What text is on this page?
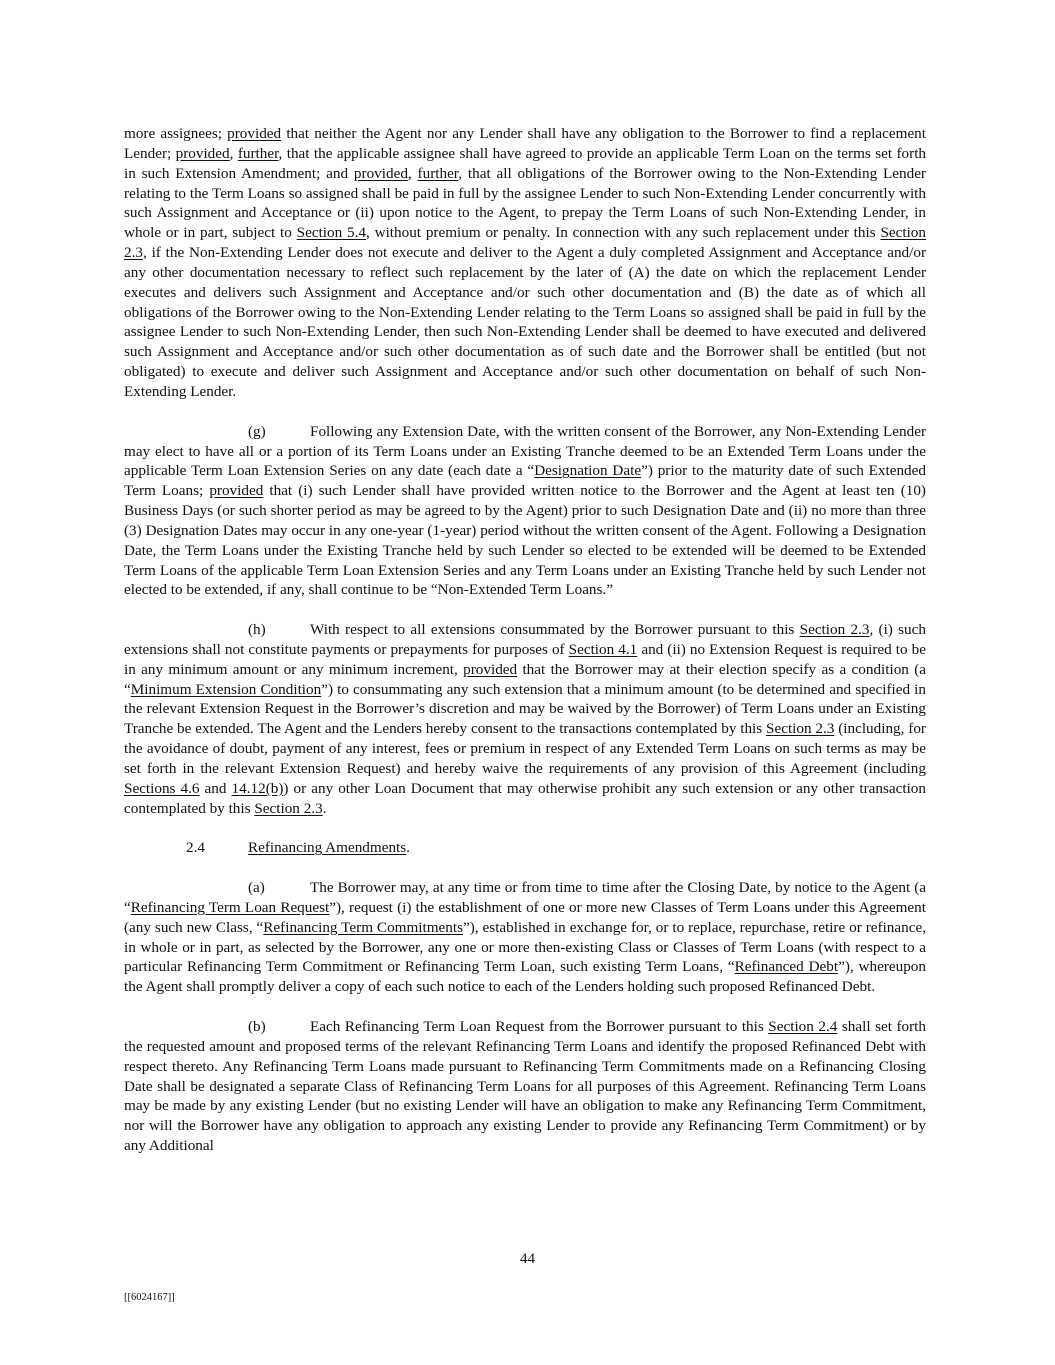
more assignees; provided that neither the Agent nor any Lender shall have any obligation to the Borrower to find a replacement Lender; provided, further, that the applicable assignee shall have agreed to provide an applicable Term Loan on the terms set forth in such Extension Amendment; and provided, further, that all obligations of the Borrower owing to the Non-Extending Lender relating to the Term Loans so assigned shall be paid in full by the assignee Lender to such Non-Extending Lender concurrently with such Assignment and Acceptance or (ii) upon notice to the Agent, to prepay the Term Loans of such Non-Extending Lender, in whole or in part, subject to Section 5.4, without premium or penalty. In connection with any such replacement under this Section 2.3, if the Non-Extending Lender does not execute and deliver to the Agent a duly completed Assignment and Acceptance and/or any other documentation necessary to reflect such replacement by the later of (A) the date on which the replacement Lender executes and delivers such Assignment and Acceptance and/or such other documentation and (B) the date as of which all obligations of the Borrower owing to the Non-Extending Lender relating to the Term Loans so assigned shall be paid in full by the assignee Lender to such Non-Extending Lender, then such Non-Extending Lender shall be deemed to have executed and delivered such Assignment and Acceptance and/or such other documentation as of such date and the Borrower shall be entitled (but not obligated) to execute and deliver such Assignment and Acceptance and/or such other documentation on behalf of such Non-Extending Lender.

(g)	Following any Extension Date, with the written consent of the Borrower, any Non-Extending Lender may elect to have all or a portion of its Term Loans under an Existing Tranche deemed to be an Extended Term Loans under the applicable Term Loan Extension Series on any date (each date a “Designation Date”) prior to the maturity date of such Extended Term Loans; provided that (i) such Lender shall have provided written notice to the Borrower and the Agent at least ten (10) Business Days (or such shorter period as may be agreed to by the Agent) prior to such Designation Date and (ii) no more than three (3) Designation Dates may occur in any one-year (1-year) period without the written consent of the Agent. Following a Designation Date, the Term Loans under the Existing Tranche held by such Lender so elected to be extended will be deemed to be Extended Term Loans of the applicable Term Loan Extension Series and any Term Loans under an Existing Tranche held by such Lender not elected to be extended, if any, shall continue to be “Non-Extended Term Loans.”

(h)	With respect to all extensions consummated by the Borrower pursuant to this Section 2.3, (i) such extensions shall not constitute payments or prepayments for purposes of Section 4.1 and (ii) no Extension Request is required to be in any minimum amount or any minimum increment, provided that the Borrower may at their election specify as a condition (a “Minimum Extension Condition”) to consummating any such extension that a minimum amount (to be determined and specified in the relevant Extension Request in the Borrower’s discretion and may be waived by the Borrower) of Term Loans under an Existing Tranche be extended. The Agent and the Lenders hereby consent to the transactions contemplated by this Section 2.3 (including, for the avoidance of doubt, payment of any interest, fees or premium in respect of any Extended Term Loans on such terms as may be set forth in the relevant Extension Request) and hereby waive the requirements of any provision of this Agreement (including Sections 4.6 and 14.12(b)) or any other Loan Document that may otherwise prohibit any such extension or any other transaction contemplated by this Section 2.3.

2.4	Refinancing Amendments.

(a)	The Borrower may, at any time or from time to time after the Closing Date, by notice to the Agent (a “Refinancing Term Loan Request”), request (i) the establishment of one or more new Classes of Term Loans under this Agreement (any such new Class, “Refinancing Term Commitments”), established in exchange for, or to replace, repurchase, retire or refinance, in whole or in part, as selected by the Borrower, any one or more then-existing Class or Classes of Term Loans (with respect to a particular Refinancing Term Commitment or Refinancing Term Loan, such existing Term Loans, “Refinanced Debt”), whereupon the Agent shall promptly deliver a copy of each such notice to each of the Lenders holding such proposed Refinanced Debt.

(b)	Each Refinancing Term Loan Request from the Borrower pursuant to this Section 2.4 shall set forth the requested amount and proposed terms of the relevant Refinancing Term Loans and identify the proposed Refinanced Debt with respect thereto. Any Refinancing Term Loans made pursuant to Refinancing Term Commitments made on a Refinancing Closing Date shall be designated a separate Class of Refinancing Term Loans for all purposes of this Agreement. Refinancing Term Loans may be made by any existing Lender (but no existing Lender will have an obligation to make any Refinancing Term Commitment, nor will the Borrower have any obligation to approach any existing Lender to provide any Refinancing Term Commitment) or by any Additional

44
[[6024167]]
